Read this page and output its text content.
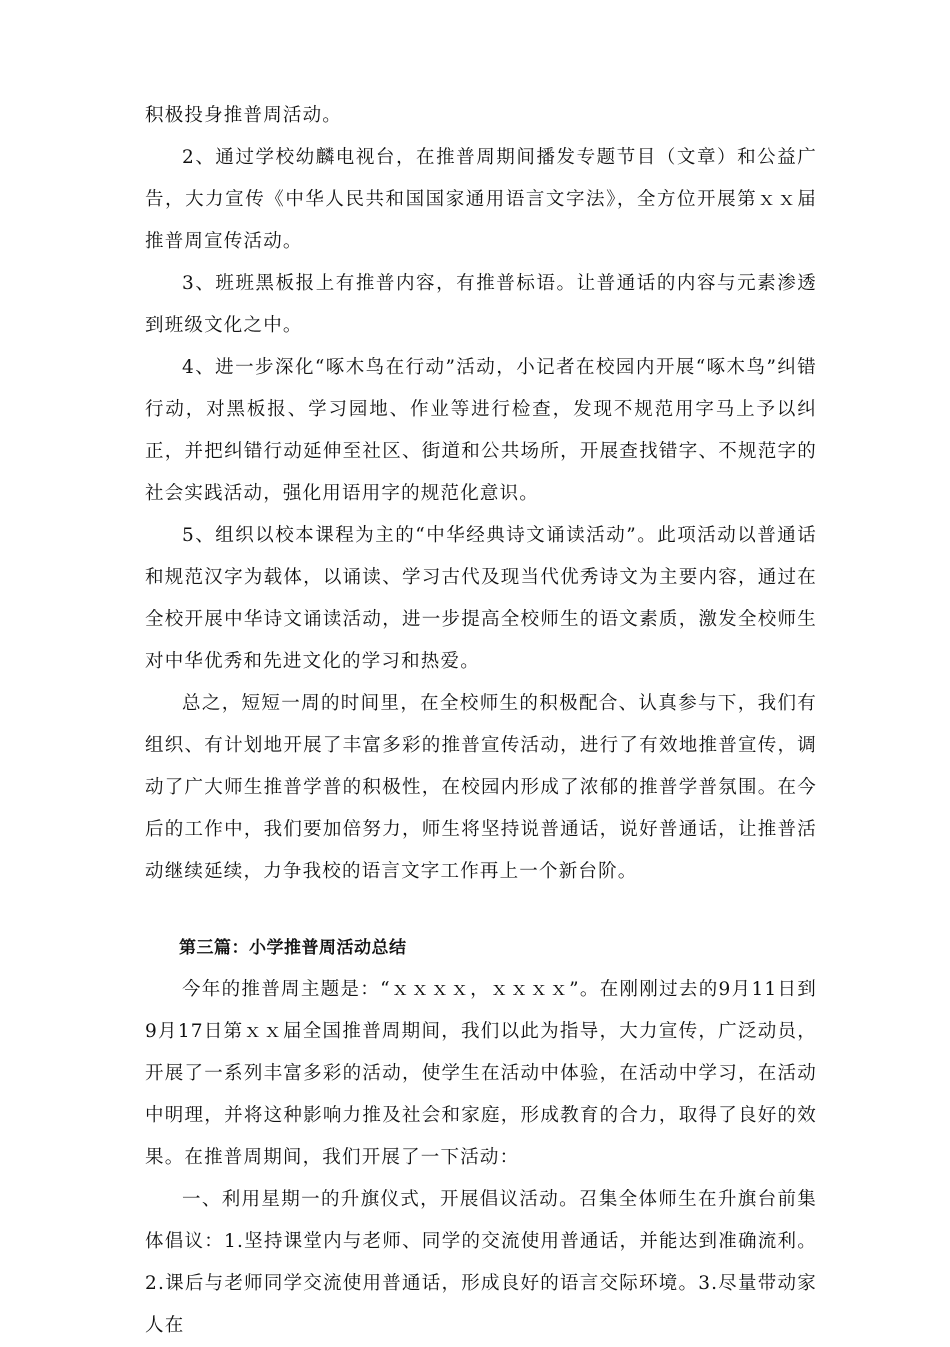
积极投身推普周活动。

2、通过学校幼麟电视台，在推普周期间播发专题节目（文章）和公益广告，大力宣传《中华人民共和国国家通用语言文字法》，全方位开展第ｘｘ届推普周宣传活动。

3、班班黑板报上有推普内容，有推普标语。让普通话的内容与元素渗透到班级文化之中。

4、进一步深化“啄木鸟在行动”活动，小记者在校园内开展“啄木鸟”纠错行动，对黑板报、学习园地、作业等进行检查，发现不规范用字马上予以纠正，并把纠错行动延伸至社区、街道和公共场所，开展查找错字、不规范字的社会实践活动，强化用语用字的规范化意识。

5、组织以校本课程为主的“中华经典诗文诵读活动”。此项活动以普通话和规范汉字为载体，以诵读、学习古代及现当代优秀诗文为主要内容，通过在全校开展中华诗文诵读活动，进一步提高全校师生的语文素质，激发全校师生对中华优秀和先进文化的学习和热爱。

总之，短短一周的时间里，在全校师生的积极配合、认真参与下，我们有组织、有计划地开展了丰富多彩的推普宣传活动，进行了有效地推普宣传，调动了广大师生推普学普的积极性，在校园内形成了浓郁的推普学普氛围。在今后的工作中，我们要加倍努力，师生将坚持说普通话，说好普通话，让推普活动继续延续，力争我校的语言文字工作再上一个新台阶。

第三篇：小学推普周活动总结

今年的推普周主题是：“ｘｘｘｘ，ｘｘｘｘ”。在刚刚过去的9月11日到9月17日第ｘｘ届全国推普周期间，我们以此为指导，大力宣传，广泛动员，开展了一系列丰富多彩的活动，使学生在活动中体验，在活动中学习，在活动中明理，并将这种影响力推及社会和家庭，形成教育的合力，取得了良好的效果。在推普周期间，我们开展了一下活动：

一、利用星期一的升旗仪式，开展倡议活动。召集全体师生在升旗台前集体倡议：1.坚持课堂内与老师、同学的交流使用普通话，并能达到准确流利。 2.课后与老师同学交流使用普通话，形成良好的语言交际环境。3.尽量带动家人在
